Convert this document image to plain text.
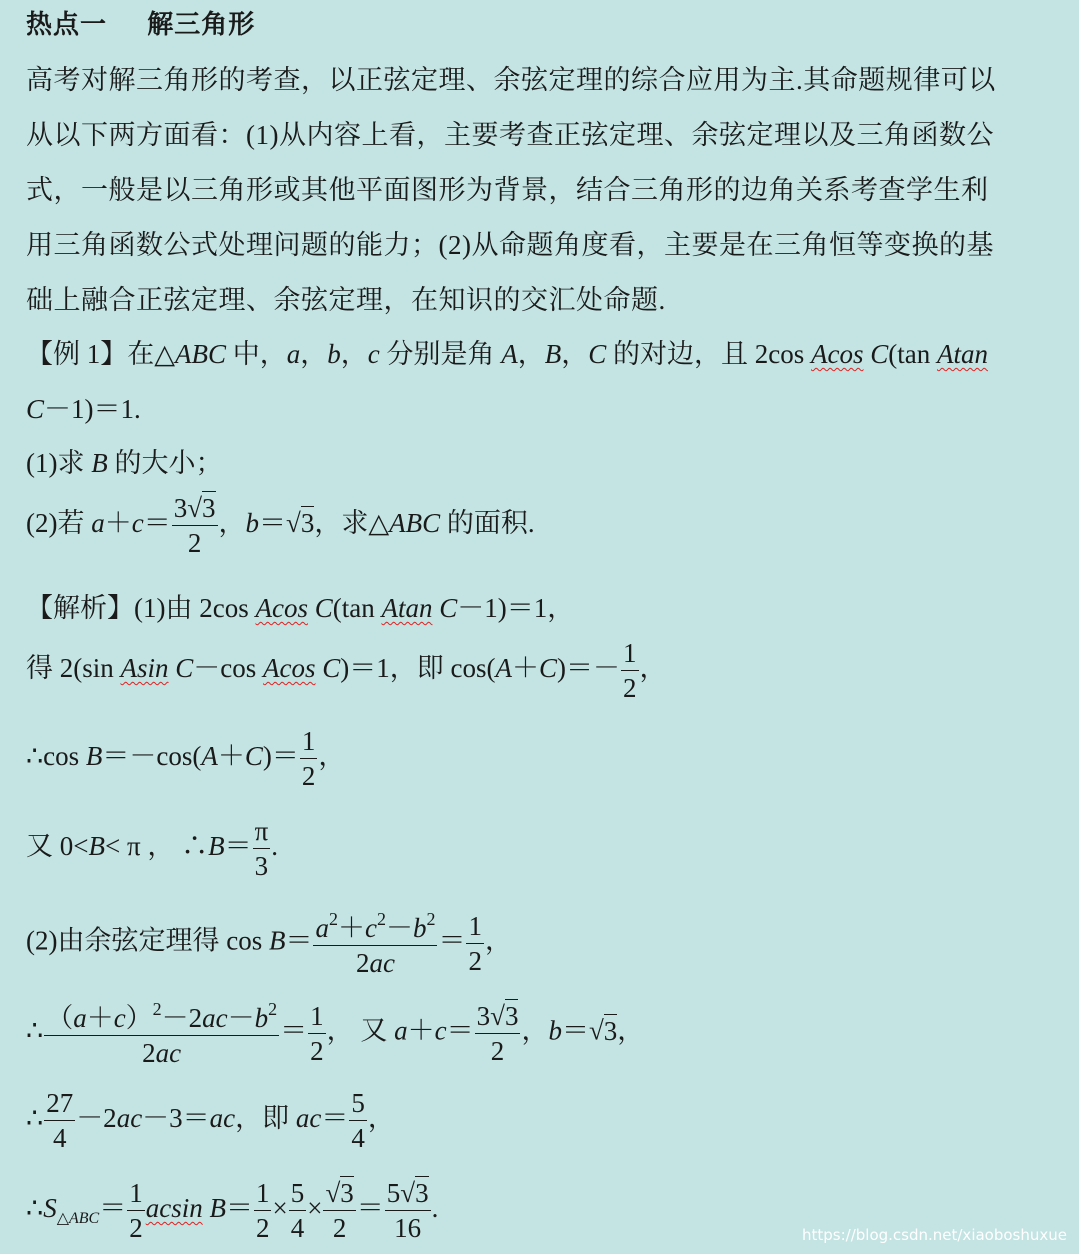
热点一    解三角形
高考对解三角形的考查，以正弦定理、余弦定理的综合应用为主.其命题规律可以
从以下两方面看：(1)从内容上看，主要考查正弦定理、余弦定理以及三角函数公
式，一般是以三角形或其他平面图形为背景，结合三角形的边角关系考查学生利
用三角函数公式处理问题的能力；(2)从命题角度看，主要是在三角恒等变换的基
础上融合正弦定理、余弦定理，在知识的交汇处命题.
【例 1】在△ABC 中，a，b，c 分别是角 A，B，C 的对边，且 2cos Acos C(tan Atan
C－1)＝1.
(1)求 B 的大小；
(2)若 $a+c= \frac{3√3}{2}$ ，b＝√3，求△ABC 的面积.
【解析】(1)由 2cos Acos C(tan Atan C－1)＝1，
得 2(sin Asin C－cos Acos C)＝1，即 $\cos(A+C)=- \frac{1}{2}$ ，
∴cos $B=-\cos(A+C)= \frac{1}{2}$ ，
又 0<B< π ， ∴B＝ $\frac{\pi}{3}$ .
(2)由余弦定理得 $\cos B= \frac{a^2+c^2-b^2}{2ac} = \frac{1}{2}$ ，
∴ $\frac{(a+c)^2-2ac-b^2}{2ac} = \frac{1}{2}$ ， 又 $a+c= \frac{3√3}{2}$ ，b＝√3，
∴ $\frac{27}{4} -2ac-3=ac$，即 $ac= \frac{5}{4}$ ，
$\therefore S_{\triangle ABC}= \frac{1}{2}$ acsin $B= \frac{1}{2} \times \frac{5}{4} \times \frac{√3}{2} = \frac{5√3}{16}$ .
https://blog.csdn.net/xiaoboshuxue
